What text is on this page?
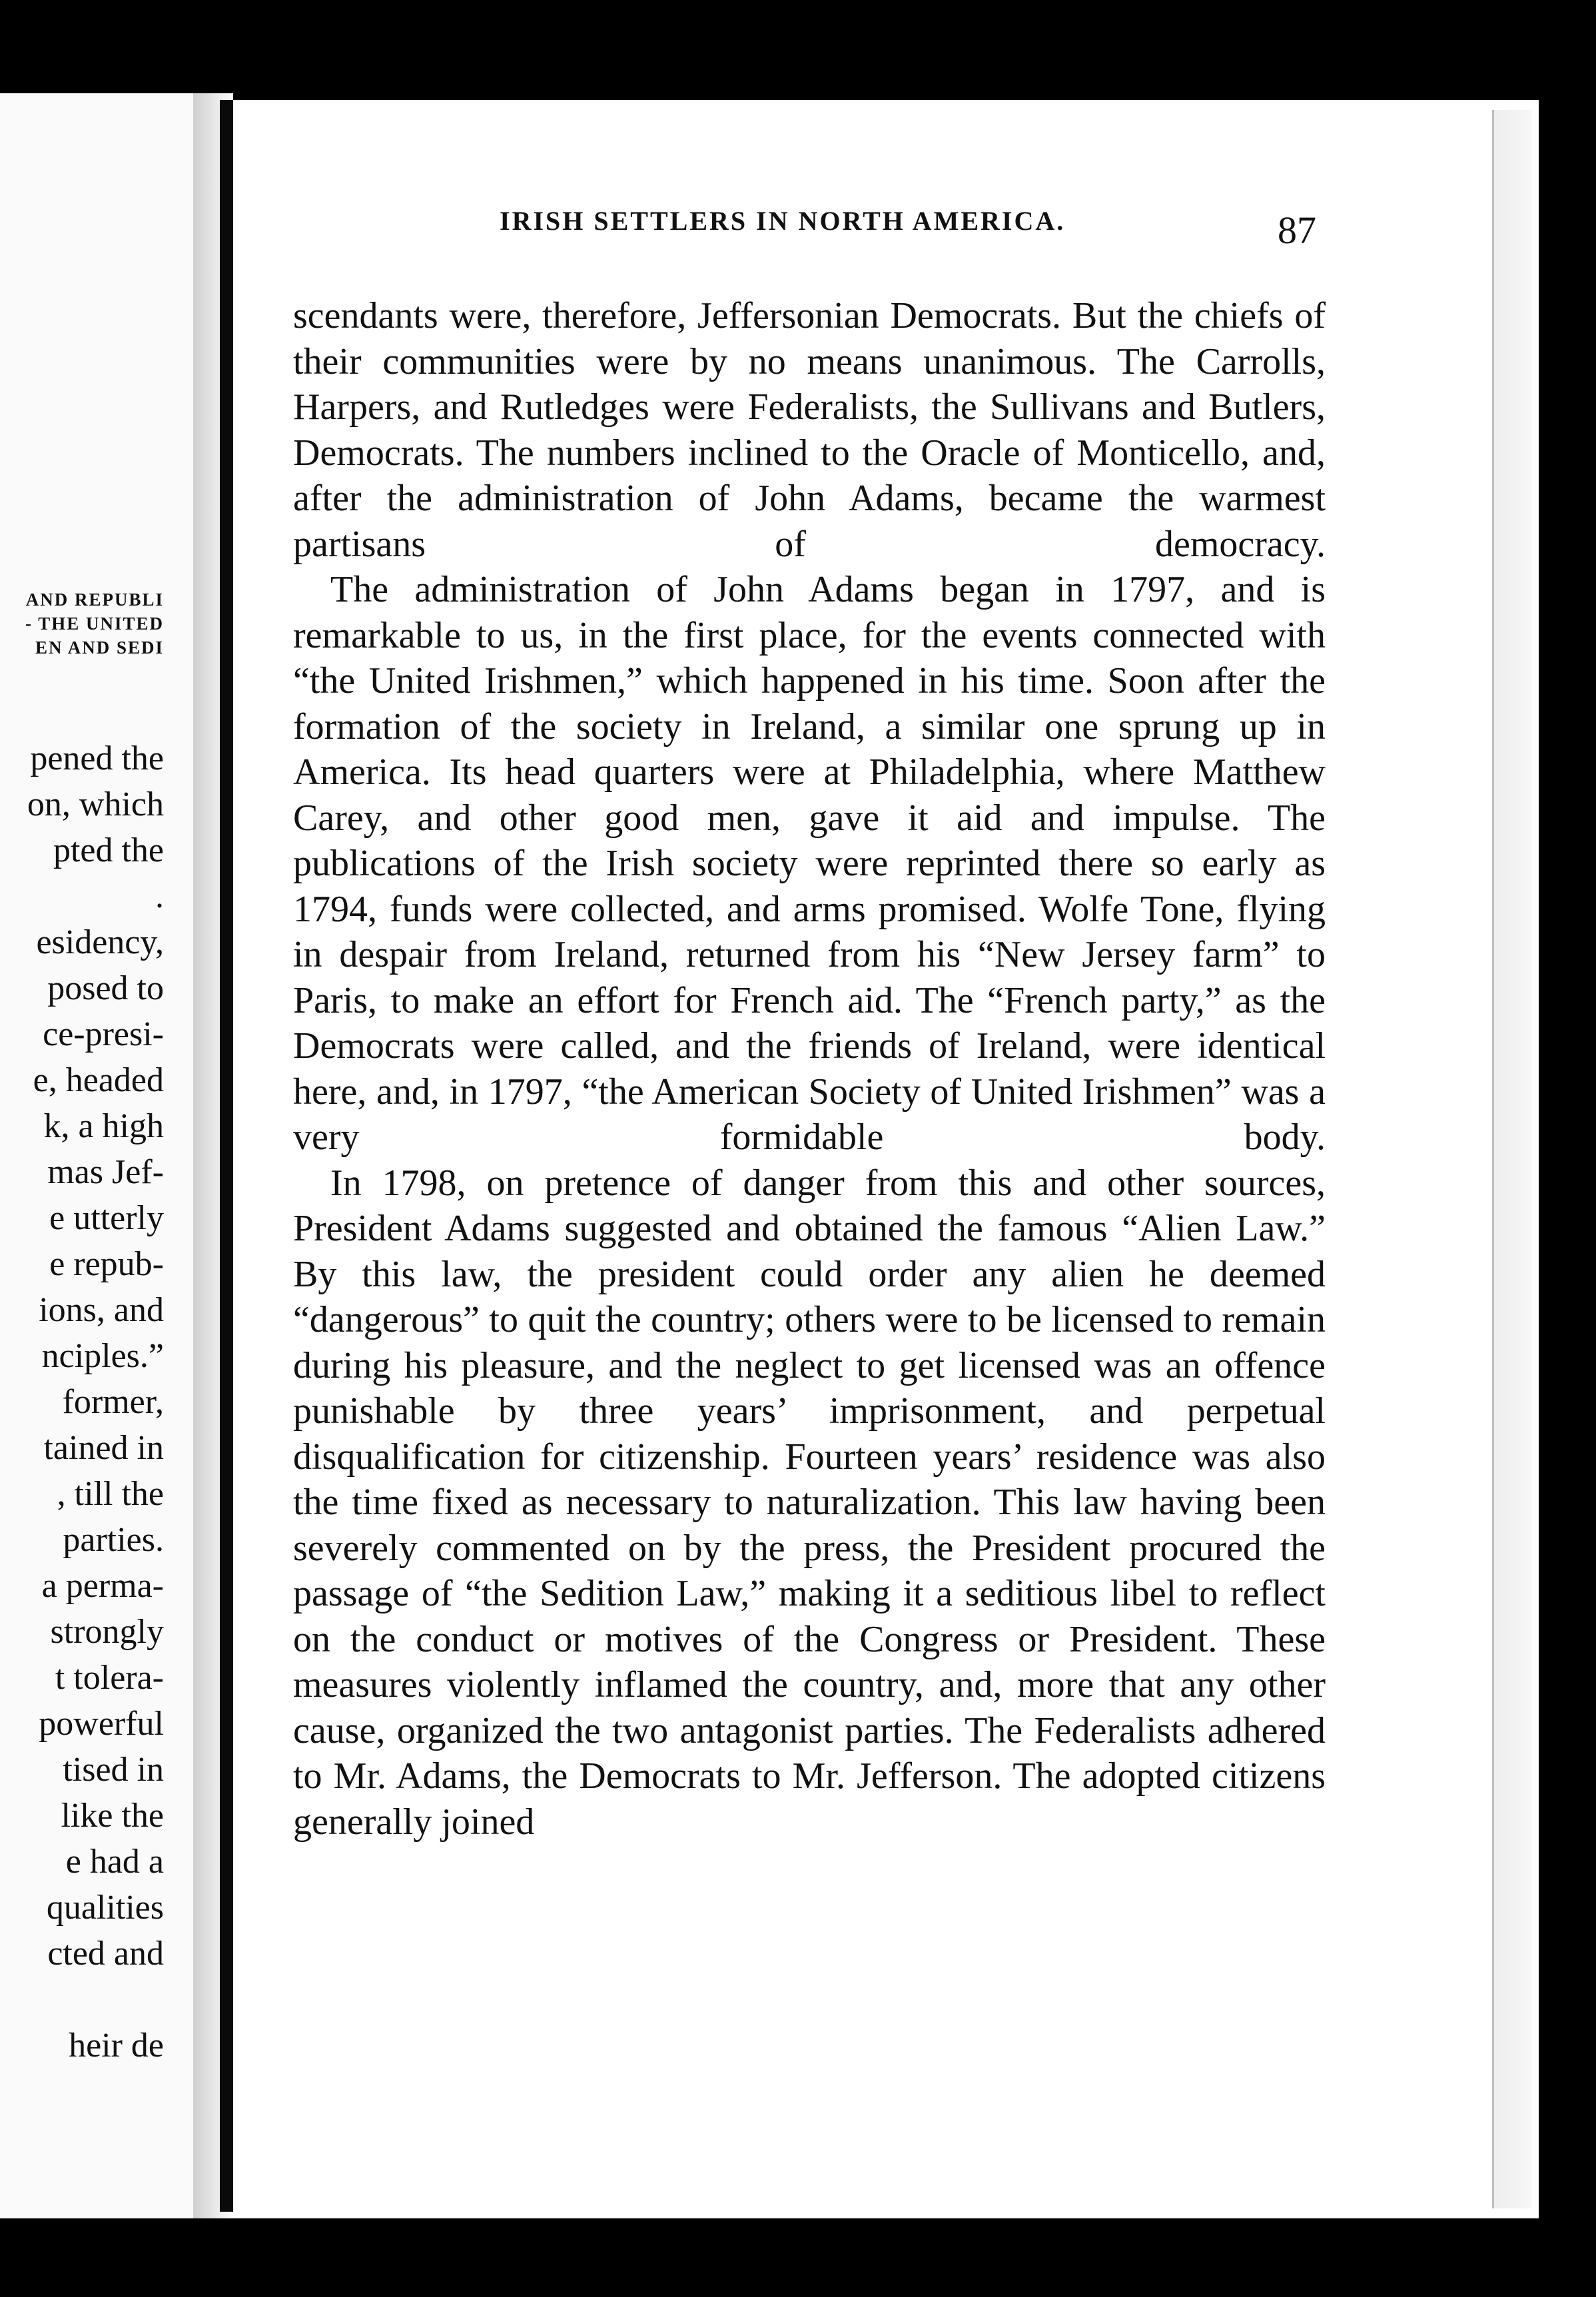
AND REPUBLI
- THE UNITED
EN AND SEDI
pened the
on, which
pted the
.
esidency,
posed to
ce-presi-
e, headed
k, a high
mas Jef-
e utterly
e repub-
ions, and
nciples.”
former,
tained in
, till the
parties.
a perma-
strongly
t tolera-
powerful
tised in
like the
e had a
qualities
cted and
heir de
IRISH SETTLERS IN NORTH AMERICA.	87

scendants were, therefore, Jeffersonian Democrats. But the chiefs of their communities were by no means unanimous. The Carrolls, Harpers, and Rutledges were Federalists, the Sullivans and Butlers, Democrats. The numbers inclined to the Oracle of Monticello, and, after the administration of John Adams, became the warmest partisans of democracy.

The administration of John Adams began in 1797, and is remarkable to us, in the first place, for the events connected with “the United Irishmen,” which happened in his time. Soon after the formation of the society in Ireland, a similar one sprung up in America. Its head quarters were at Philadelphia, where Matthew Carey, and other good men, gave it aid and impulse. The publications of the Irish society were reprinted there so early as 1794, funds were collected, and arms promised. Wolfe Tone, flying in despair from Ireland, returned from his “New Jersey farm” to Paris, to make an effort for French aid. The “French party,” as the Democrats were called, and the friends of Ireland, were identical here, and, in 1797, “the American Society of United Irishmen” was a very formidable body.

In 1798, on pretence of danger from this and other sources, President Adams suggested and obtained the famous “Alien Law.” By this law, the president could order any alien he deemed “dangerous” to quit the country; others were to be licensed to remain during his pleasure, and the neglect to get licensed was an offence punishable by three years’ imprisonment, and perpetual disqualification for citizenship. Fourteen years’ residence was also the time fixed as necessary to naturalization. This law having been severely commented on by the press, the President procured the passage of “the Sedition Law,” making it a seditious libel to reflect on the conduct or motives of the Congress or President. These measures violently inflamed the country, and, more that any other cause, organized the two antagonist parties. The Federalists adhered to Mr. Adams, the Democrats to Mr. Jefferson. The adopted citizens generally joined
